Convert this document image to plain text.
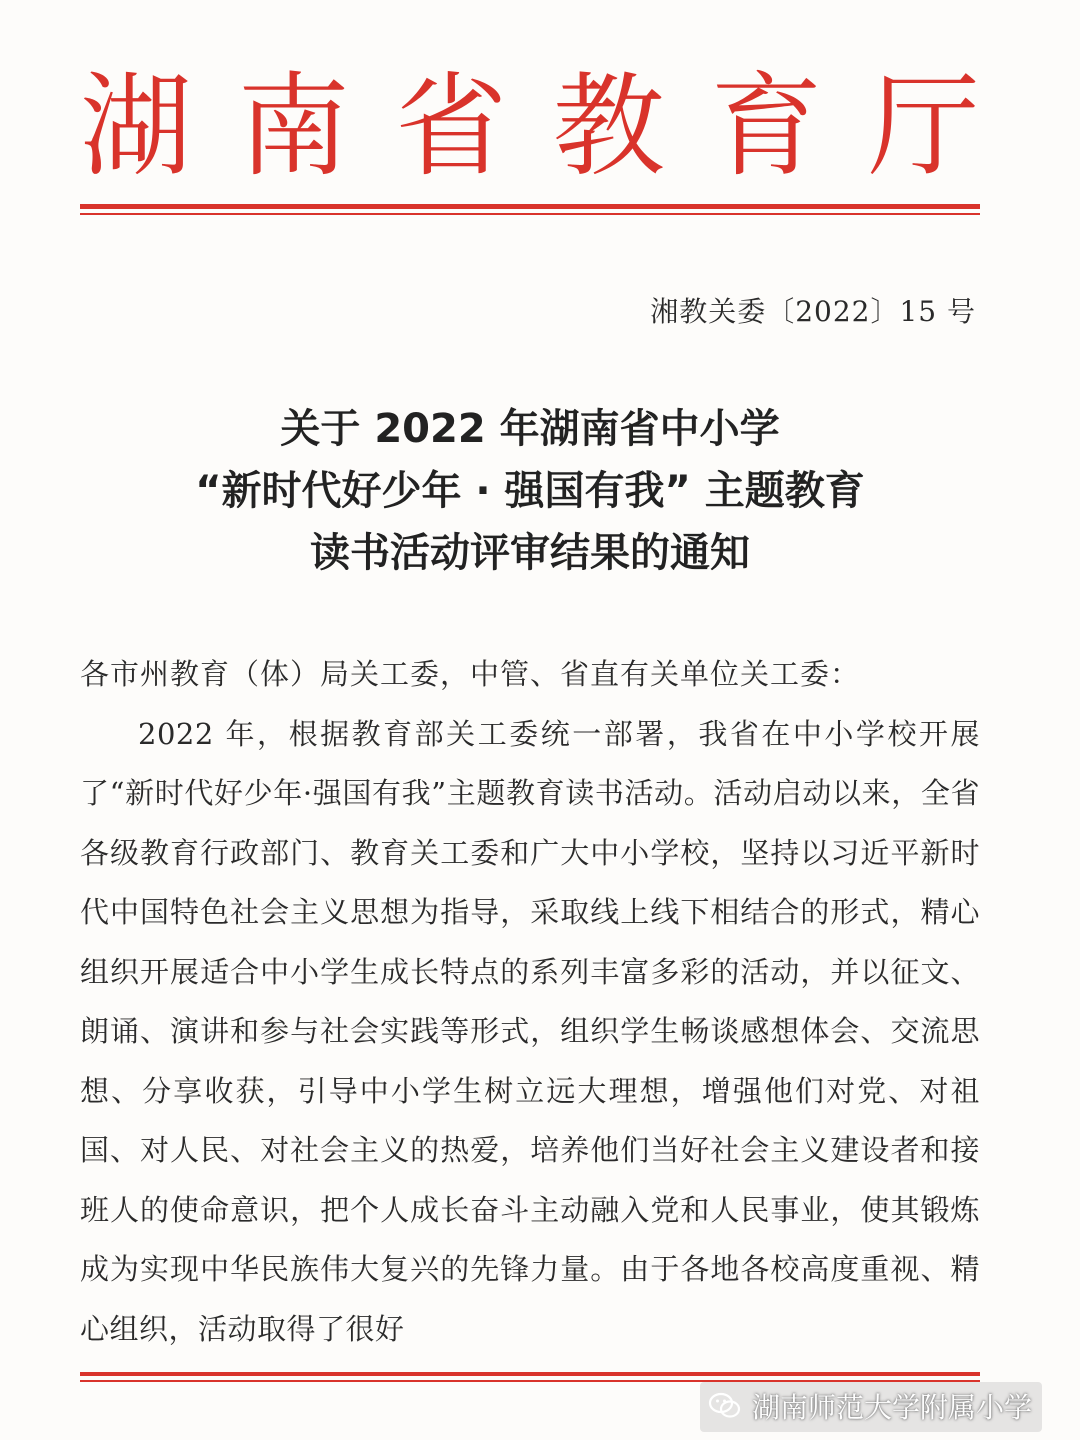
湖 南 省 教 育 厅
湘教关委〔2022〕15 号
关于 2022 年湖南省中小学
“新时代好少年 · 强国有我” 主题教育
读书活动评审结果的通知
各市州教育（体）局关工委，中管、省直有关单位关工委：
2022 年，根据教育部关工委统一部署，我省在中小学校开展了“新时代好少年·强国有我”主题教育读书活动。活动启动以来，全省各级教育行政部门、教育关工委和广大中小学校，坚持以习近平新时代中国特色社会主义思想为指导，采取线上线下相结合的形式，精心组织开展适合中小学生成长特点的系列丰富多彩的活动，并以征文、朗诵、演讲和参与社会实践等形式，组织学生畅谈感想体会、交流思想、分享收获，引导中小学生树立远大理想，增强他们对党、对祖国、对人民、对社会主义的热爱，培养他们当好社会主义建设者和接班人的使命意识，把个人成长奋斗主动融入党和人民事业，使其锻炼成为实现中华民族伟大复兴的先锋力量。由于各地各校高度重视、精心组织，活动取得了很好
湖南师范大学附属小学
